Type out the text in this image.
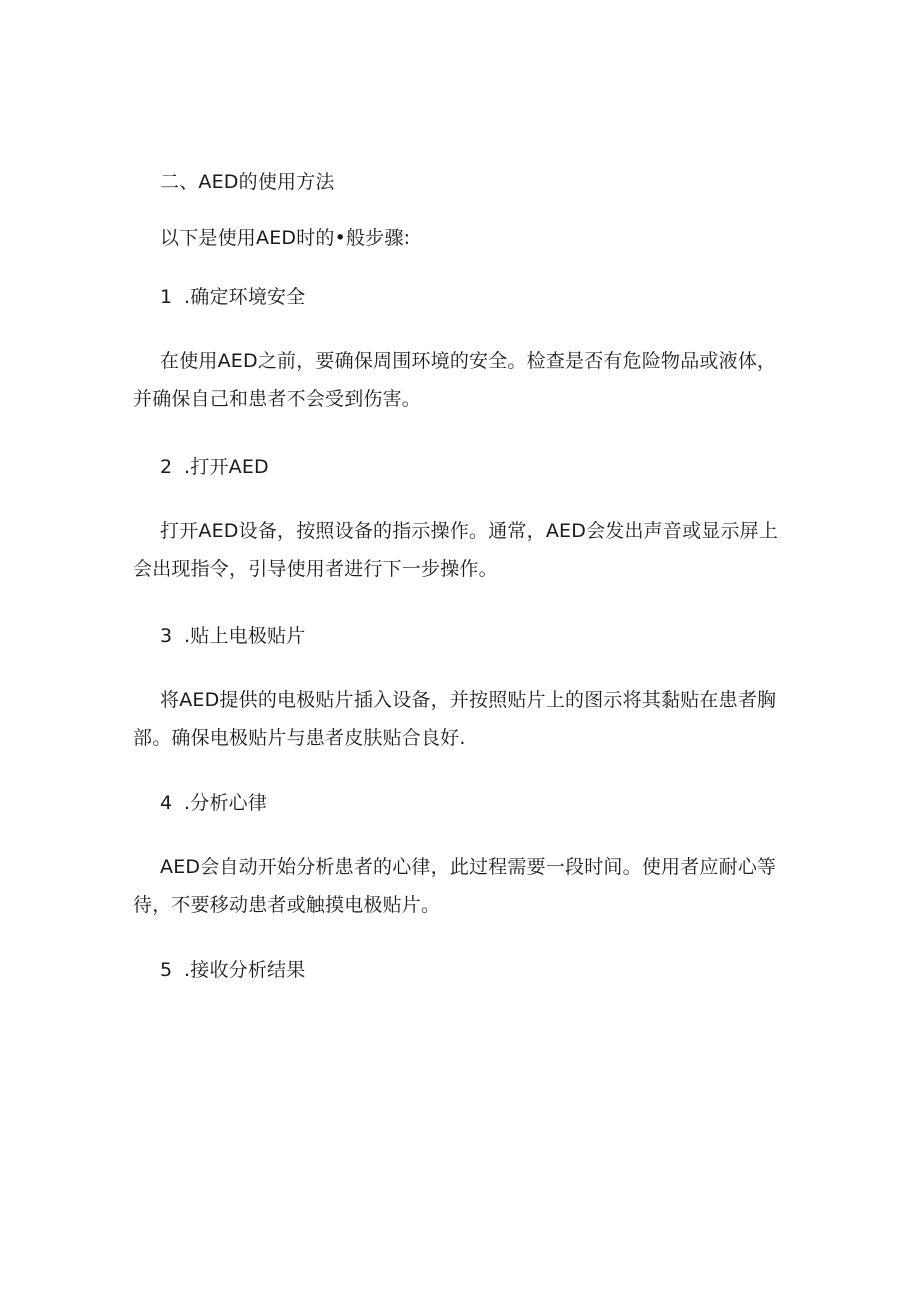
二、AED的使用方法

以下是使用AED时的•般步骤:

1 .确定环境安全

在使用AED之前，要确保周围环境的安全。检查是否有危险物品或液体，并确保自己和患者不会受到伤害。

2 .打开AED

打开AED设备，按照设备的指示操作。通常，AED会发出声音或显示屏上会出现指令，引导使用者进行下一步操作。

3 .贴上电极贴片

将AED提供的电极贴片插入设备，并按照贴片上的图示将其黏贴在患者胸部。确保电极贴片与患者皮肤贴合良好.

4 .分析心律

AED会自动开始分析患者的心律，此过程需要一段时间。使用者应耐心等待，不要移动患者或触摸电极贴片。

5 .接收分析结果
